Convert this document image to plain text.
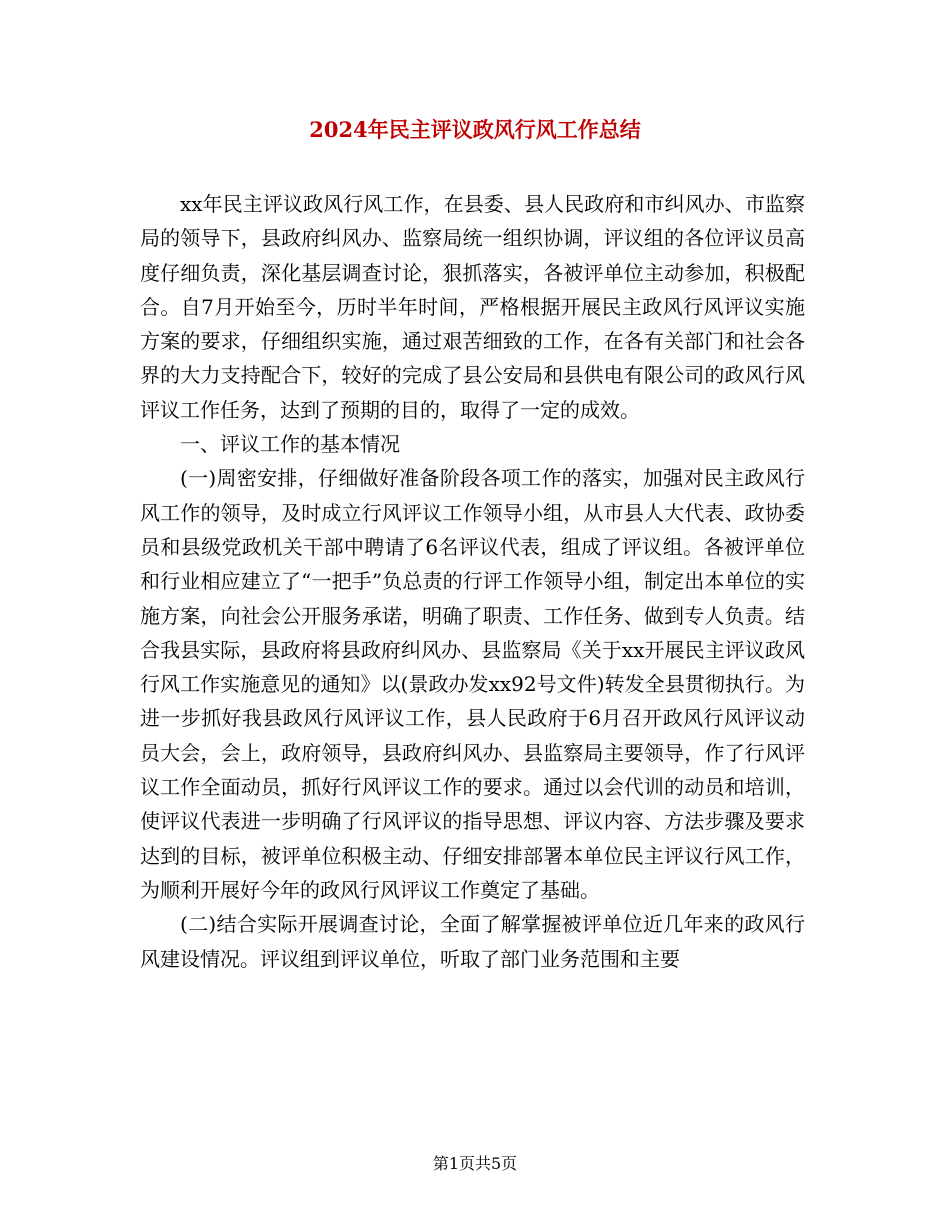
2024年民主评议政风行风工作总结

xx年民主评议政风行风工作，在县委、县人民政府和市纠风办、市监察局的领导下，县政府纠风办、监察局统一组织协调，评议组的各位评议员高度仔细负责，深化基层调查讨论，狠抓落实，各被评单位主动参加，积极配合。自7月开始至今，历时半年时间，严格根据开展民主政风行风评议实施方案的要求，仔细组织实施，通过艰苦细致的工作，在各有关部门和社会各界的大力支持配合下，较好的完成了县公安局和县供电有限公司的政风行风评议工作任务，达到了预期的目的，取得了一定的成效。

一、评议工作的基本情况

(一)周密安排，仔细做好准备阶段各项工作的落实，加强对民主政风行风工作的领导，及时成立行风评议工作领导小组，从市县人大代表、政协委员和县级党政机关干部中聘请了6名评议代表，组成了评议组。各被评单位和行业相应建立了“一把手”负总责的行评工作领导小组，制定出本单位的实施方案，向社会公开服务承诺，明确了职责、工作任务、做到专人负责。结合我县实际，县政府将县政府纠风办、县监察局《关于xx开展民主评议政风行风工作实施意见的通知》以(景政办发xx92号文件)转发全县贯彻执行。为进一步抓好我县政风行风评议工作，县人民政府于6月召开政风行风评议动员大会，会上，政府领导，县政府纠风办、县监察局主要领导，作了行风评议工作全面动员，抓好行风评议工作的要求。通过以会代训的动员和培训，使评议代表进一步明确了行风评议的指导思想、评议内容、方法步骤及要求达到的目标，被评单位积极主动、仔细安排部署本单位民主评议行风工作，为顺利开展好今年的政风行风评议工作奠定了基础。

(二)结合实际开展调查讨论，全面了解掌握被评单位近几年来的政风行风建设情况。评议组到评议单位，听取了部门业务范围和主要

第1页共5页
